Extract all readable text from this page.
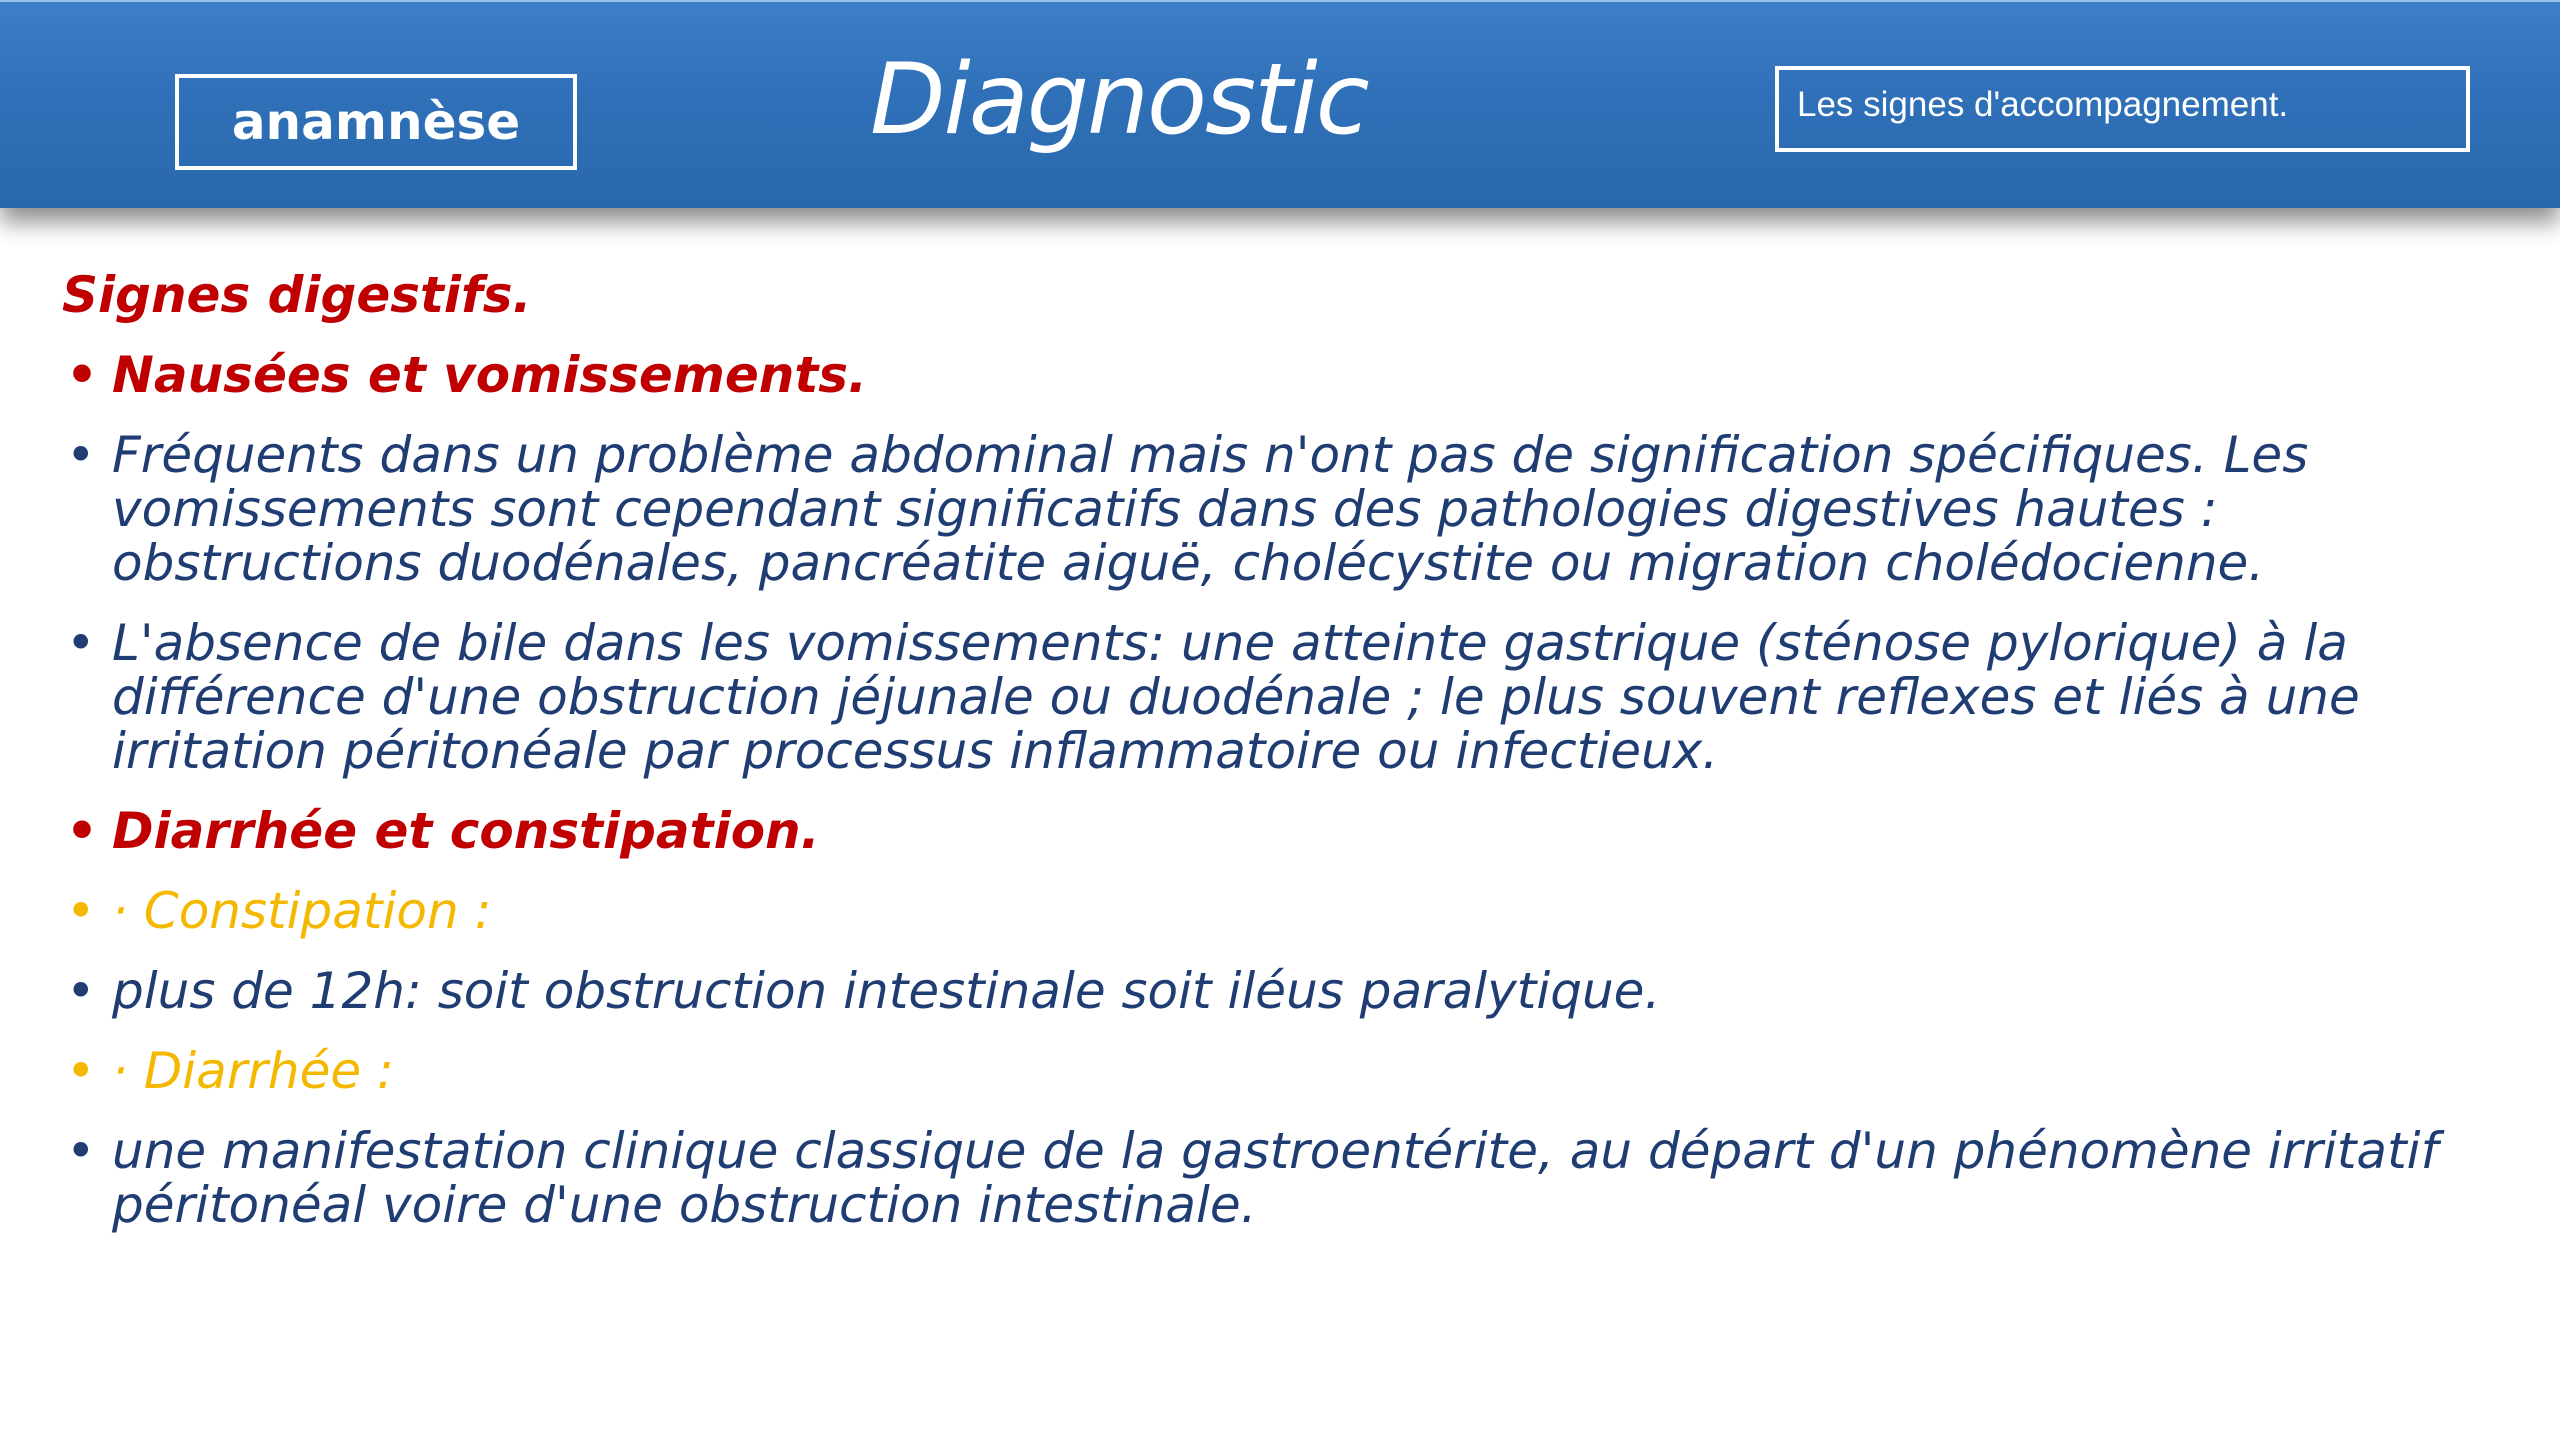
anamnèse	Diagnostic	Les signes d'accompagnement.
Signes digestifs.
• Nausées et vomissements.
• Fréquents dans un problème abdominal mais n'ont pas de signification spécifiques. Les vomissements sont cependant significatifs dans des pathologies digestives hautes : obstructions duodénales, pancréatite aiguë, cholécystite ou migration cholédocienne.
• L'absence de bile dans les vomissements: une atteinte gastrique (sténose pylorique) à la différence d'une obstruction jéjunale ou duodénale ; le plus souvent reflexes et liés à une irritation péritonéale par processus inflammatoire ou infectieux.
• Diarrhée et constipation.
• · Constipation :
• plus de 12h: soit obstruction intestinale soit iléus paralytique.
• · Diarrhée :
• une manifestation clinique classique de la gastroentérite, au départ d'un phénomène irritatif péritonéal voire d'une obstruction intestinale.
